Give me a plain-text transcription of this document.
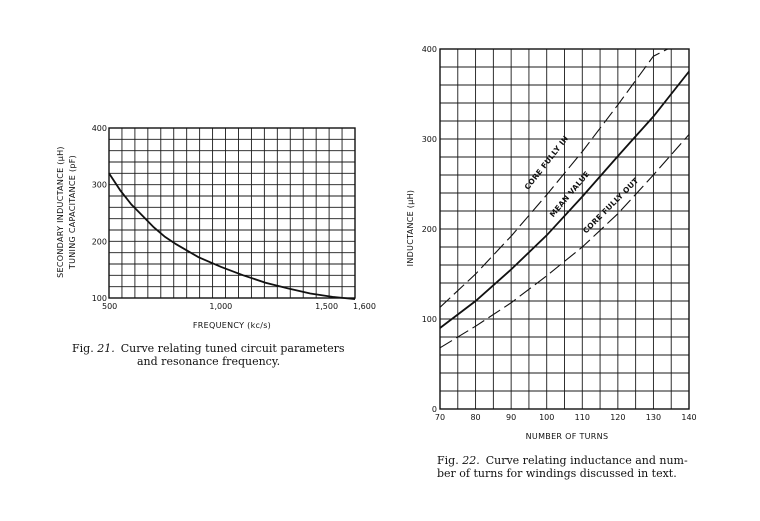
100
200
300
400
500	1,000	1,500 1,600
SECONDARY INDUCTANCE (μH) TUNING CAPACITANCE (pF)
FREQUENCY (kc/s)
CORE FULLY IN
MEAN VALUE
CORE FULLY OUT
0
100
200
300
400
70	80	90	100	110	120	130	140
INDUCTANCE (μH)
NUMBER OF TURNS
Fig. 21. Curve relating tuned circuit parameters
and resonance frequency.
Fig. 22. Curve relating inductance and num-
ber of turns for windings discussed in text.
